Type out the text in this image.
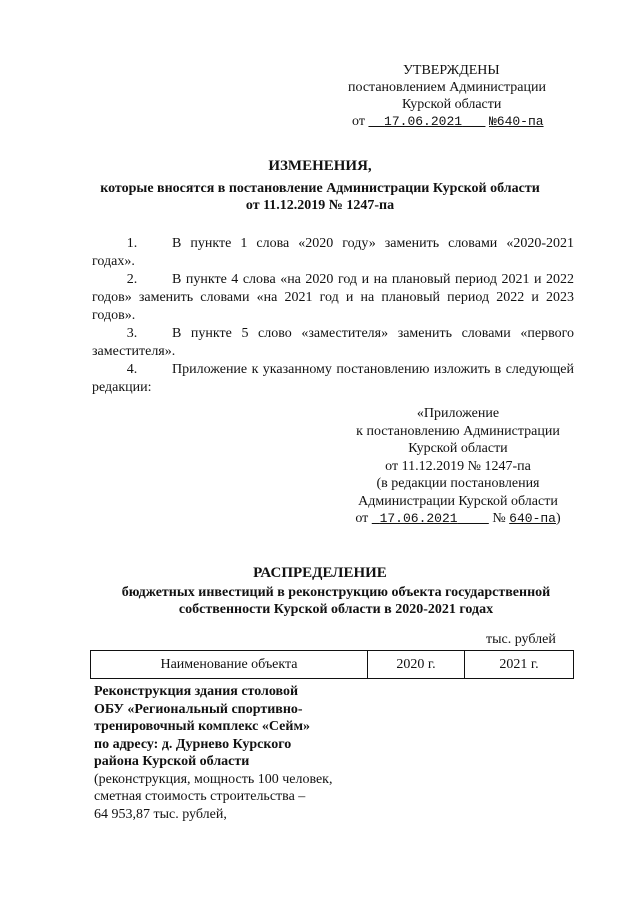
УТВЕРЖДЕНЫ
постановлением Администрации
Курской области
от 17.06.2021 №640-па
ИЗМЕНЕНИЯ,
которые вносятся в постановление Администрации Курской области
от 11.12.2019 № 1247-па

1. В пункте 1 слова «2020 году» заменить словами «2020-2021 годах».

2. В пункте 4 слова «на 2020 год и на плановый период 2021 и 2022 годов» заменить словами «на 2021 год и на плановый период 2022 и 2023 годов».

3. В пункте 5 слово «заместителя» заменить словами «первого заместителя».

4. Приложение к указанному постановлению изложить в следующей редакции:

«Приложение
к постановлению Администрации
Курской области
от 11.12.2019 № 1247-па
(в редакции постановления
Администрации Курской области
от 17.06.2021 № 640-па)
РАСПРЕДЕЛЕНИЕ
бюджетных инвестиций в реконструкцию объекта государственной
собственности Курской области в 2020-2021 годах
тыс. рублей
Наименование объекта	2020 г.	2021 г.
Реконструкция здания столовой
ОБУ «Региональный спортивно-
тренировочный комплекс «Сейм»
по адресу: д. Дурнево Курского
района Курской области
(реконструкция, мощность 100 человек,
сметная стоимость строительства –
64 953,87 тыс. рублей,
